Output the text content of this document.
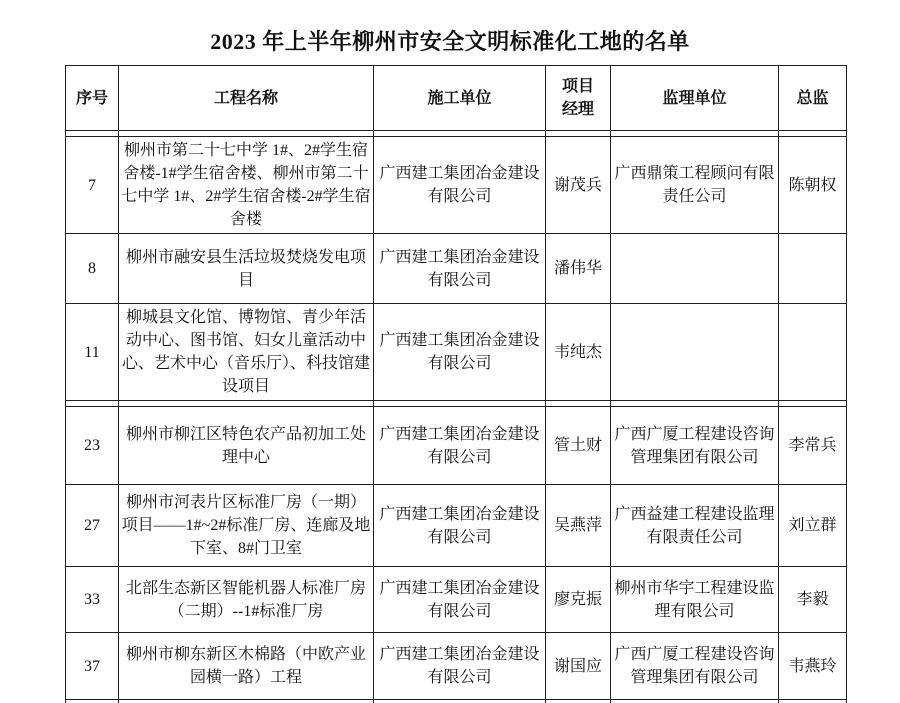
2023 年上半年柳州市安全文明标准化工地的名单
序号	工程名称	施工单位	项目经理	监理单位	总监

7	柳州市第二十七中学 1#、2#学生宿舍楼-1#学生宿舍楼、柳州市第二十七中学 1#、2#学生宿舍楼-2#学生宿舍楼	广西建工集团冶金建设有限公司	谢茂兵	广西鼎策工程顾问有限责任公司	陈朝权
8	柳州市融安县生活垃圾焚烧发电项目	广西建工集团冶金建设有限公司	潘伟华		
11	柳城县文化馆、博物馆、青少年活动中心、图书馆、妇女儿童活动中心、艺术中心（音乐厅）、科技馆建设项目	广西建工集团冶金建设有限公司	韦纯杰		

23	柳州市柳江区特色农产品初加工处理中心	广西建工集团冶金建设有限公司	管土财	广西广厦工程建设咨询管理集团有限公司	李常兵
27	柳州市河表片区标准厂房（一期）项目——1#~2#标准厂房、连廊及地下室、8#门卫室	广西建工集团冶金建设有限公司	吴燕萍	广西益建工程建设监理有限责任公司	刘立群
33	北部生态新区智能机器人标准厂房（二期）--1#标准厂房	广西建工集团冶金建设有限公司	廖克振	柳州市华宇工程建设监理有限公司	李毅
37	柳州市柳东新区木棉路（中欧产业园横一路）工程	广西建工集团冶金建设有限公司	谢国应	广西广厦工程建设咨询管理集团有限公司	韦燕玲
